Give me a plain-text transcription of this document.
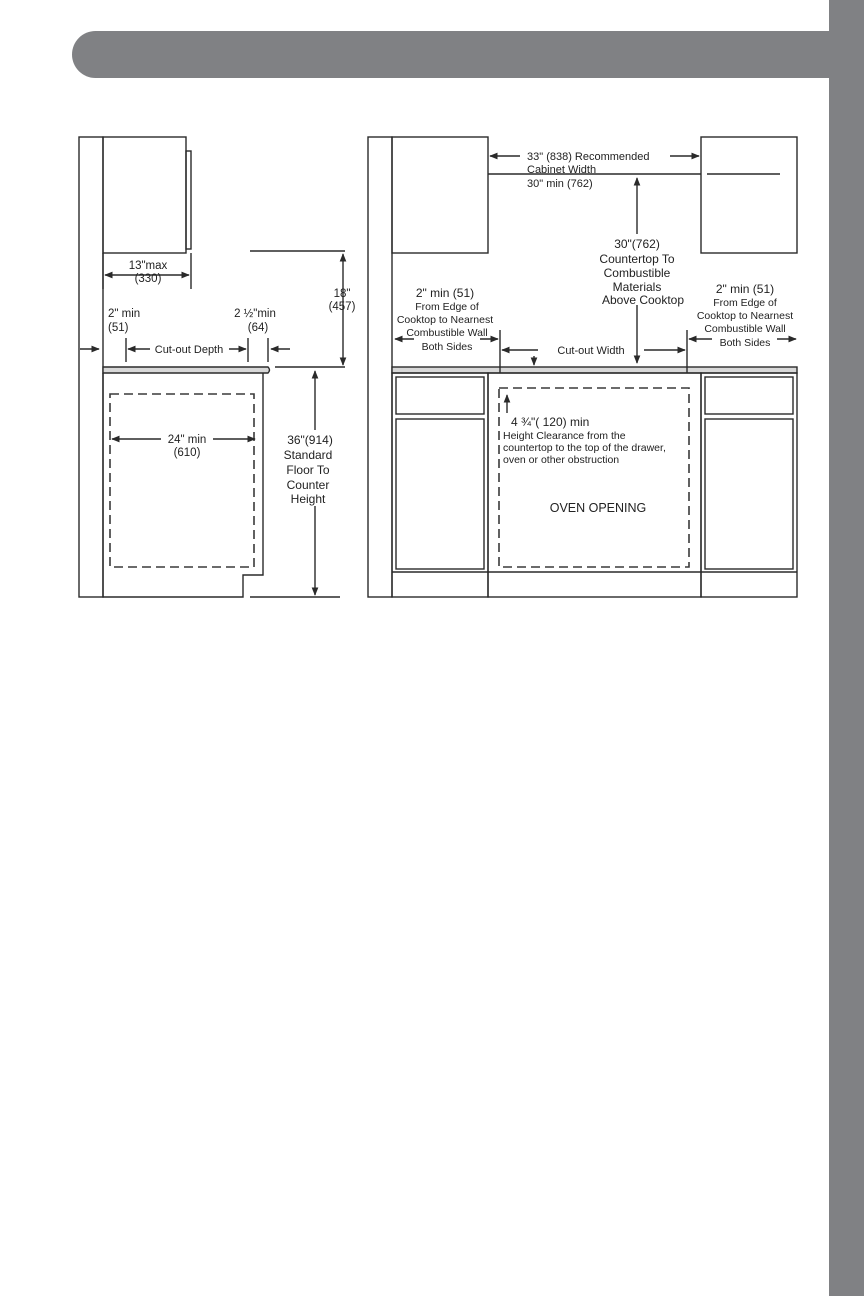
13"max
(330)
18"
(457)
2" min
(51)
Cut-out Depth
2 ½"min
(64)
24" min
(610)
36"(914)
Standard
Floor To
Counter
Height
33" (838) Recommended
Cabinet Width
30" min (762)
30"(762)
Countertop To
Combustible
Materials
Above Cooktop
2" min (51)
From Edge of
Cooktop to Nearnest
Combustible Wall
Both Sides	Cut-out Width
2" min (51)
From Edge of
Cooktop to Nearnest
Combustible Wall
Both Sides
4 ¾"( 120) min
Height Clearance from the
countertop to the top of the drawer,
oven or other obstruction
OVEN OPENING
